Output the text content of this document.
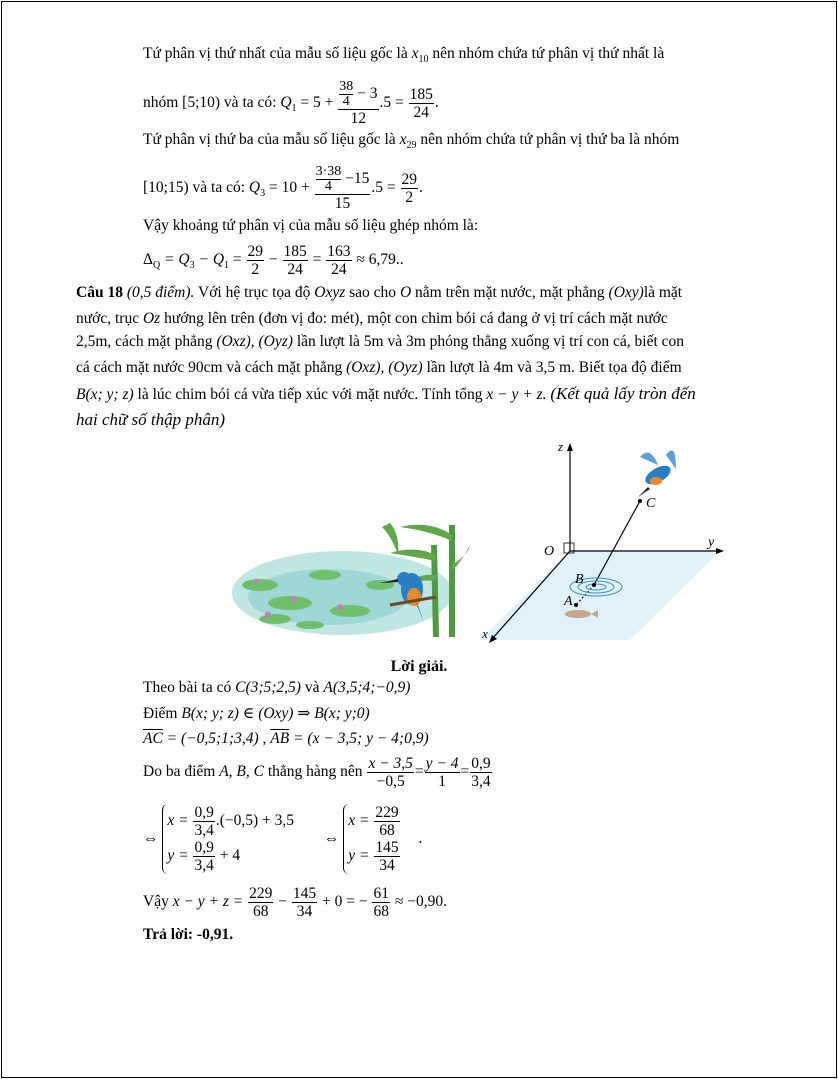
Tứ phân vị thứ nhất của mẫu số liệu gốc là $x_{10}$ nên nhóm chứa tứ phân vị thứ nhất là
nhóm [5;10) và ta có: $Q_1 = 5 + \frac{\frac{38}{4} - 3}{12} .5 = \frac{185}{24}$ .
Tứ phân vị thứ ba của mẫu số liệu gốc là $x_{29}$ nên nhóm chứa tứ phân vị thứ ba là nhóm
[10;15) và ta có: $Q_3 = 10 + \frac{\frac{3\cdot 38}{4} -15}{15} .5 = \frac{29}{2}$ .
Vậy khoảng tứ phân vị của mẫu số liệu ghép nhóm là:
$\Delta_Q = Q_3 - Q_1 = \frac{29}{2} - \frac{185}{24} = \frac{163}{24} \approx 6,79$..
Câu 18 (0,5 điểm). Với hệ trục tọa độ Oxyz sao cho O nằm trên mặt nước, mặt phẳng (Oxy)là mặt
nước, trục Oz hướng lên trên (đơn vị đo: mét), một con chim bói cá đang ở vị trí cách mặt nước
2,5m, cách mặt phẳng (Oxz), (Oyz) lần lượt là 5m và 3m phóng thẳng xuống vị trí con cá, biết con
cá cách mặt nước 90cm và cách mặt phẳng (Oxz), (Oyz) lần lượt là 4m và 3,5 m. Biết tọa độ điểm
B(x; y; z) là lúc chim bói cá vừa tiếp xúc với mặt nước. Tính tổng x − y + z. (Kết quả lấy tròn đến
hai chữ số thập phân)
z
y
x
O
A
B
C
Lời giải.
Theo bài ta có C(3;5;2,5) và A(3,5;4;−0,9)
Điểm B(x; y; z) ∈ (Oxy) ⇒ B(x; y;0)
$\overline{AC}$ = (−0,5;1;3,4) , $\overline{AB} = (x - 3,5$; y − 4;0,9)
Do ba điểm A, B, C thẳng hàng nên $\frac{x - 3,5}{-0,5} = \frac{y - 4}{1} = \frac{0,9}{3,4}$
⇔
$x = \frac{0,9}{3,4} .(-0,5) + 3,5$
$y = \frac{0,9}{3,4} + 4$
⇔
$x = \frac{229}{68}$
$y = \frac{145}{34}$
.
Vậy $x - y + z = \frac{229}{68} - \frac{145}{34} + 0$ = − $\frac{61}{68} \approx -0,90$.
Trả lời: -0,91.
